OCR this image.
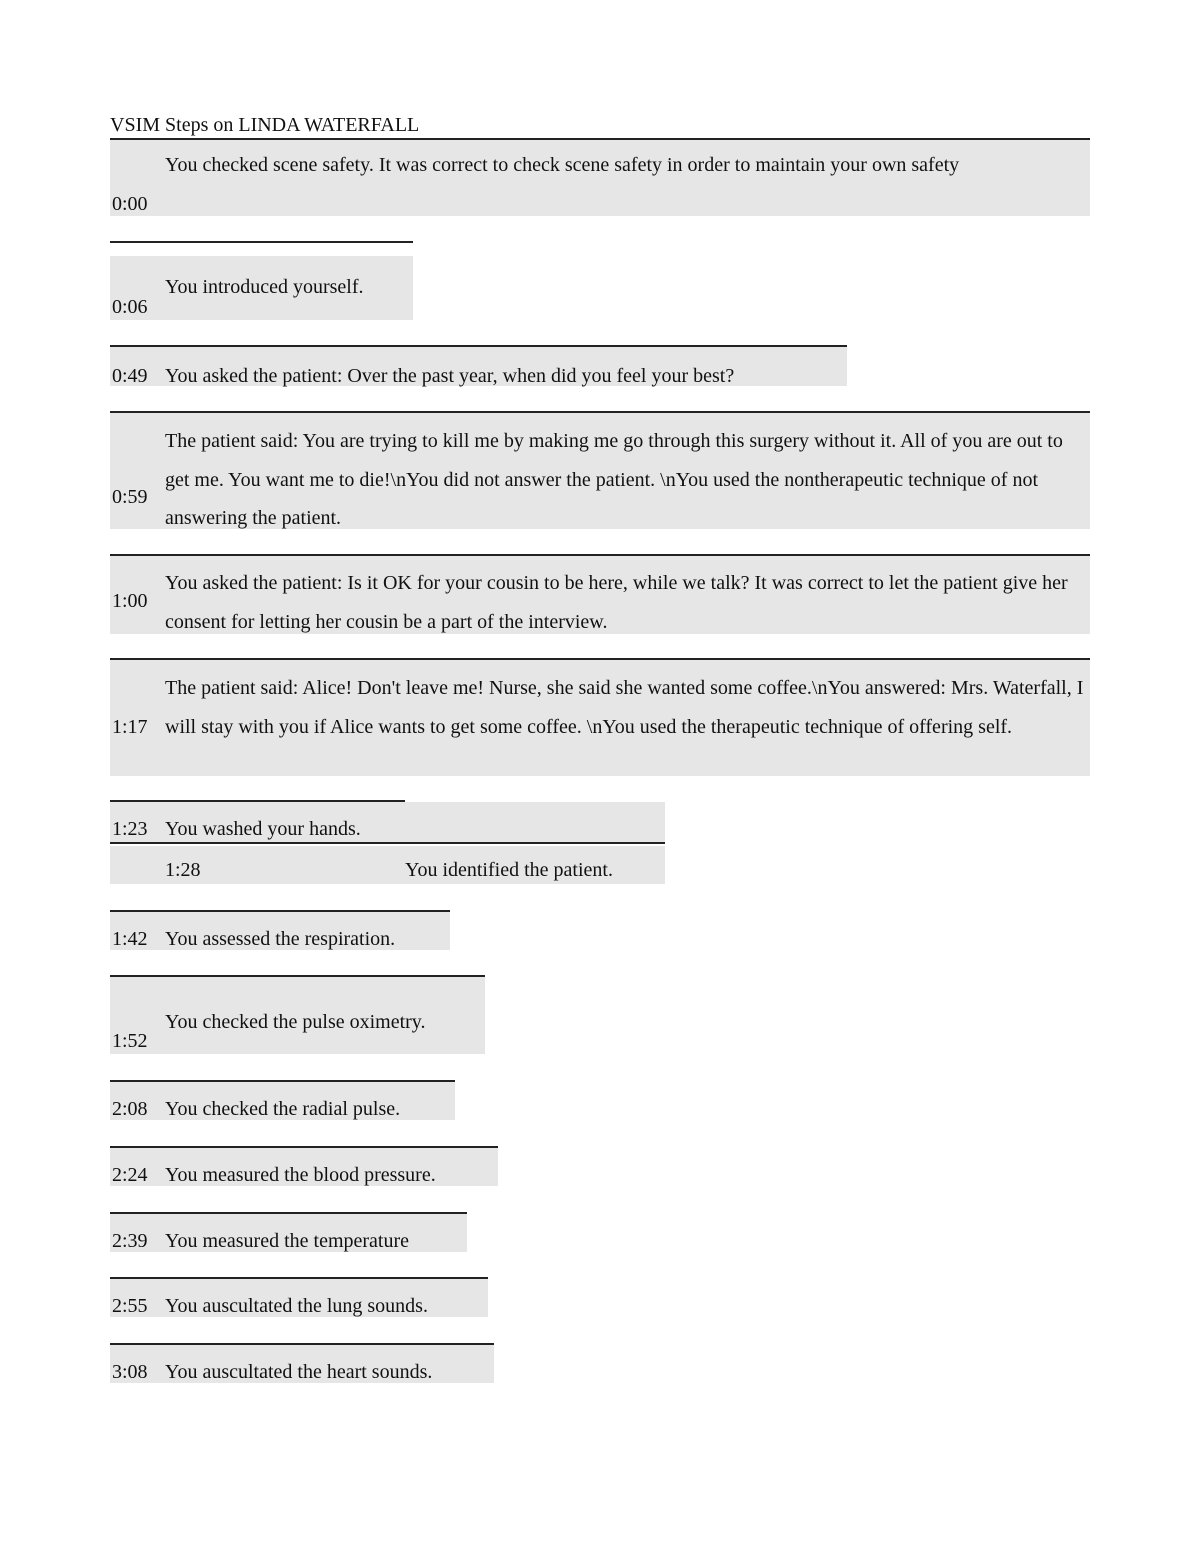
VSIM Steps on LINDA WATERFALL
0:00
You checked scene safety. It was correct to check scene safety in order to maintain your own safety
0:06
You introduced yourself.
0:49 You asked the patient: Over the past year, when did you feel your best?
0:59
The patient said: You are trying to kill me by making me go through this surgery without it. All of you are out to get me. You want me to die!\nYou did not answer the patient. \nYou used the nontherapeutic technique of not answering the patient.
1:00
You asked the patient: Is it OK for your cousin to be here, while we talk? It was correct to let the patient give her consent for letting her cousin be a part of the interview.
1:17
The patient said: Alice! Don't leave me! Nurse, she said she wanted some coffee.\nYou answered: Mrs. Waterfall, I will stay with you if Alice wants to get some coffee. \nYou used the therapeutic technique of offering self.
1:23 You washed your hands.
1:28	You identified the patient.
1:42 You assessed the respiration.
1:52
You checked the pulse oximetry.
2:08 You checked the radial pulse.
2:24 You measured the blood pressure.
2:39 You measured the temperature
2:55 You auscultated the lung sounds.
3:08 You auscultated the heart sounds.
